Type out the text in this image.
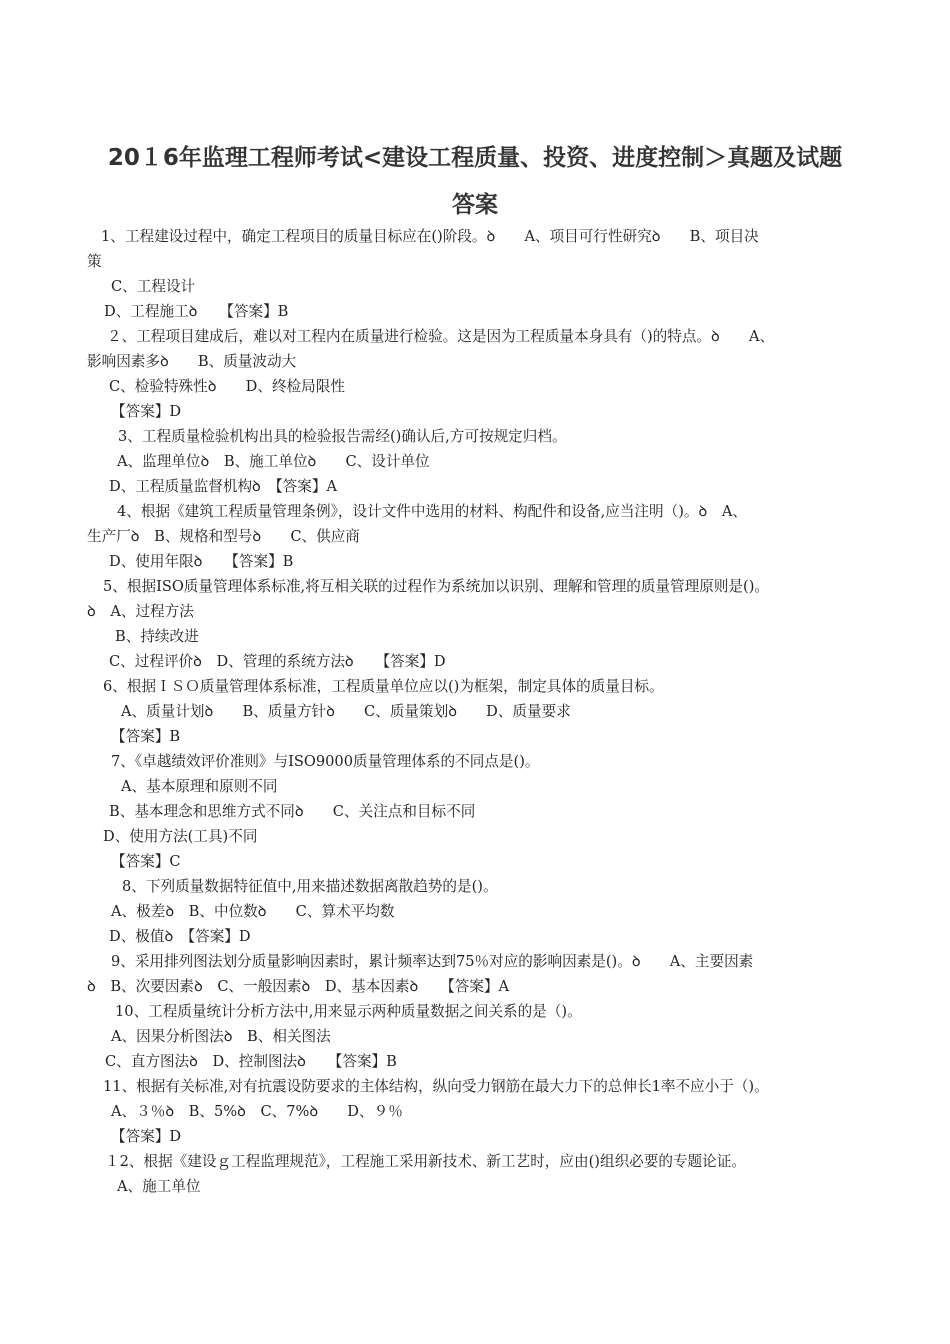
20１6年监理工程师考试<建设工程质量、投资、进度控制＞真题及试题
答案
1、工程建设过程中，确定工程项目的质量目标应在()阶段。ꝺ　　A、项目可行性研究ꝺ　　B、项目决
策
C、工程设计
D、工程施工ꝺ　　【答案】B
２、工程项目建成后，难以对工程内在质量进行检验。这是因为工程质量本身具有（)的特点。ꝺ　　A、
影响因素多ꝺ　　B、质量波动大
C、检验特殊性ꝺ　　D、终检局限性
【答案】D
3、工程质量检验机构出具的检验报告需经()确认后,方可按规定归档。
A、监理单位ꝺ　B、施工单位ꝺ　　C、设计单位
D、工程质量监督机构ꝺ　【答案】A
4、根据《建筑工程质量管理条例》，设计文件中选用的材料、构配件和设备,应当注明（)。ꝺ　A、
生产厂ꝺ　B、规格和型号ꝺ　　C、供应商
D、使用年限ꝺ　　【答案】B
5、根据ISO质量管理体系标准,将互相关联的过程作为系统加以识别、理解和管理的质量管理原则是()。
ꝺ　A、过程方法
B、持续改进
C、过程评价ꝺ　D、管理的系统方法ꝺ　　【答案】D
6、根据ＩＳＯ质量管理体系标准，工程质量单位应以()为框架，制定具体的质量目标。
A、质量计划ꝺ　　B、质量方针ꝺ　　C、质量策划ꝺ　　D、质量要求
【答案】B
7、《卓越绩效评价准则》与ISO9000质量管理体系的不同点是()。
A、基本原理和原则不同
B、基本理念和思维方式不同ꝺ　　C、关注点和目标不同
D、使用方法(工具)不同
【答案】C
8、下列质量数据特征值中,用来描述数据离散趋势的是()。
A、极差ꝺ　B、中位数ꝺ　　C、算术平均数
D、极值ꝺ　【答案】D
9、采用排列图法划分质量影响因素时，累计频率达到75％对应的影响因素是()。ꝺ　　A、主要因素
ꝺ　B、次要因素ꝺ　C、一般因素ꝺ　D、基本因素ꝺ　　【答案】A
10、工程质量统计分析方法中,用来显示两种质量数据之间关系的是（)。
A、因果分析图法ꝺ　B、相关图法
C、直方图法ꝺ　D、控制图法ꝺ　　【答案】B
11、根据有关标准,对有抗震设防要求的主体结构，纵向受力钢筋在最大力下的总伸长1率不应小于（)。
A、３％ꝺ　B、5%ꝺ　C、7%ꝺ　　D、９％
【答案】D
１2、根据《建设ｇ工程监理规范》，工程施工采用新技术、新工艺时，应由()组织必要的专题论证。
A、施工单位
